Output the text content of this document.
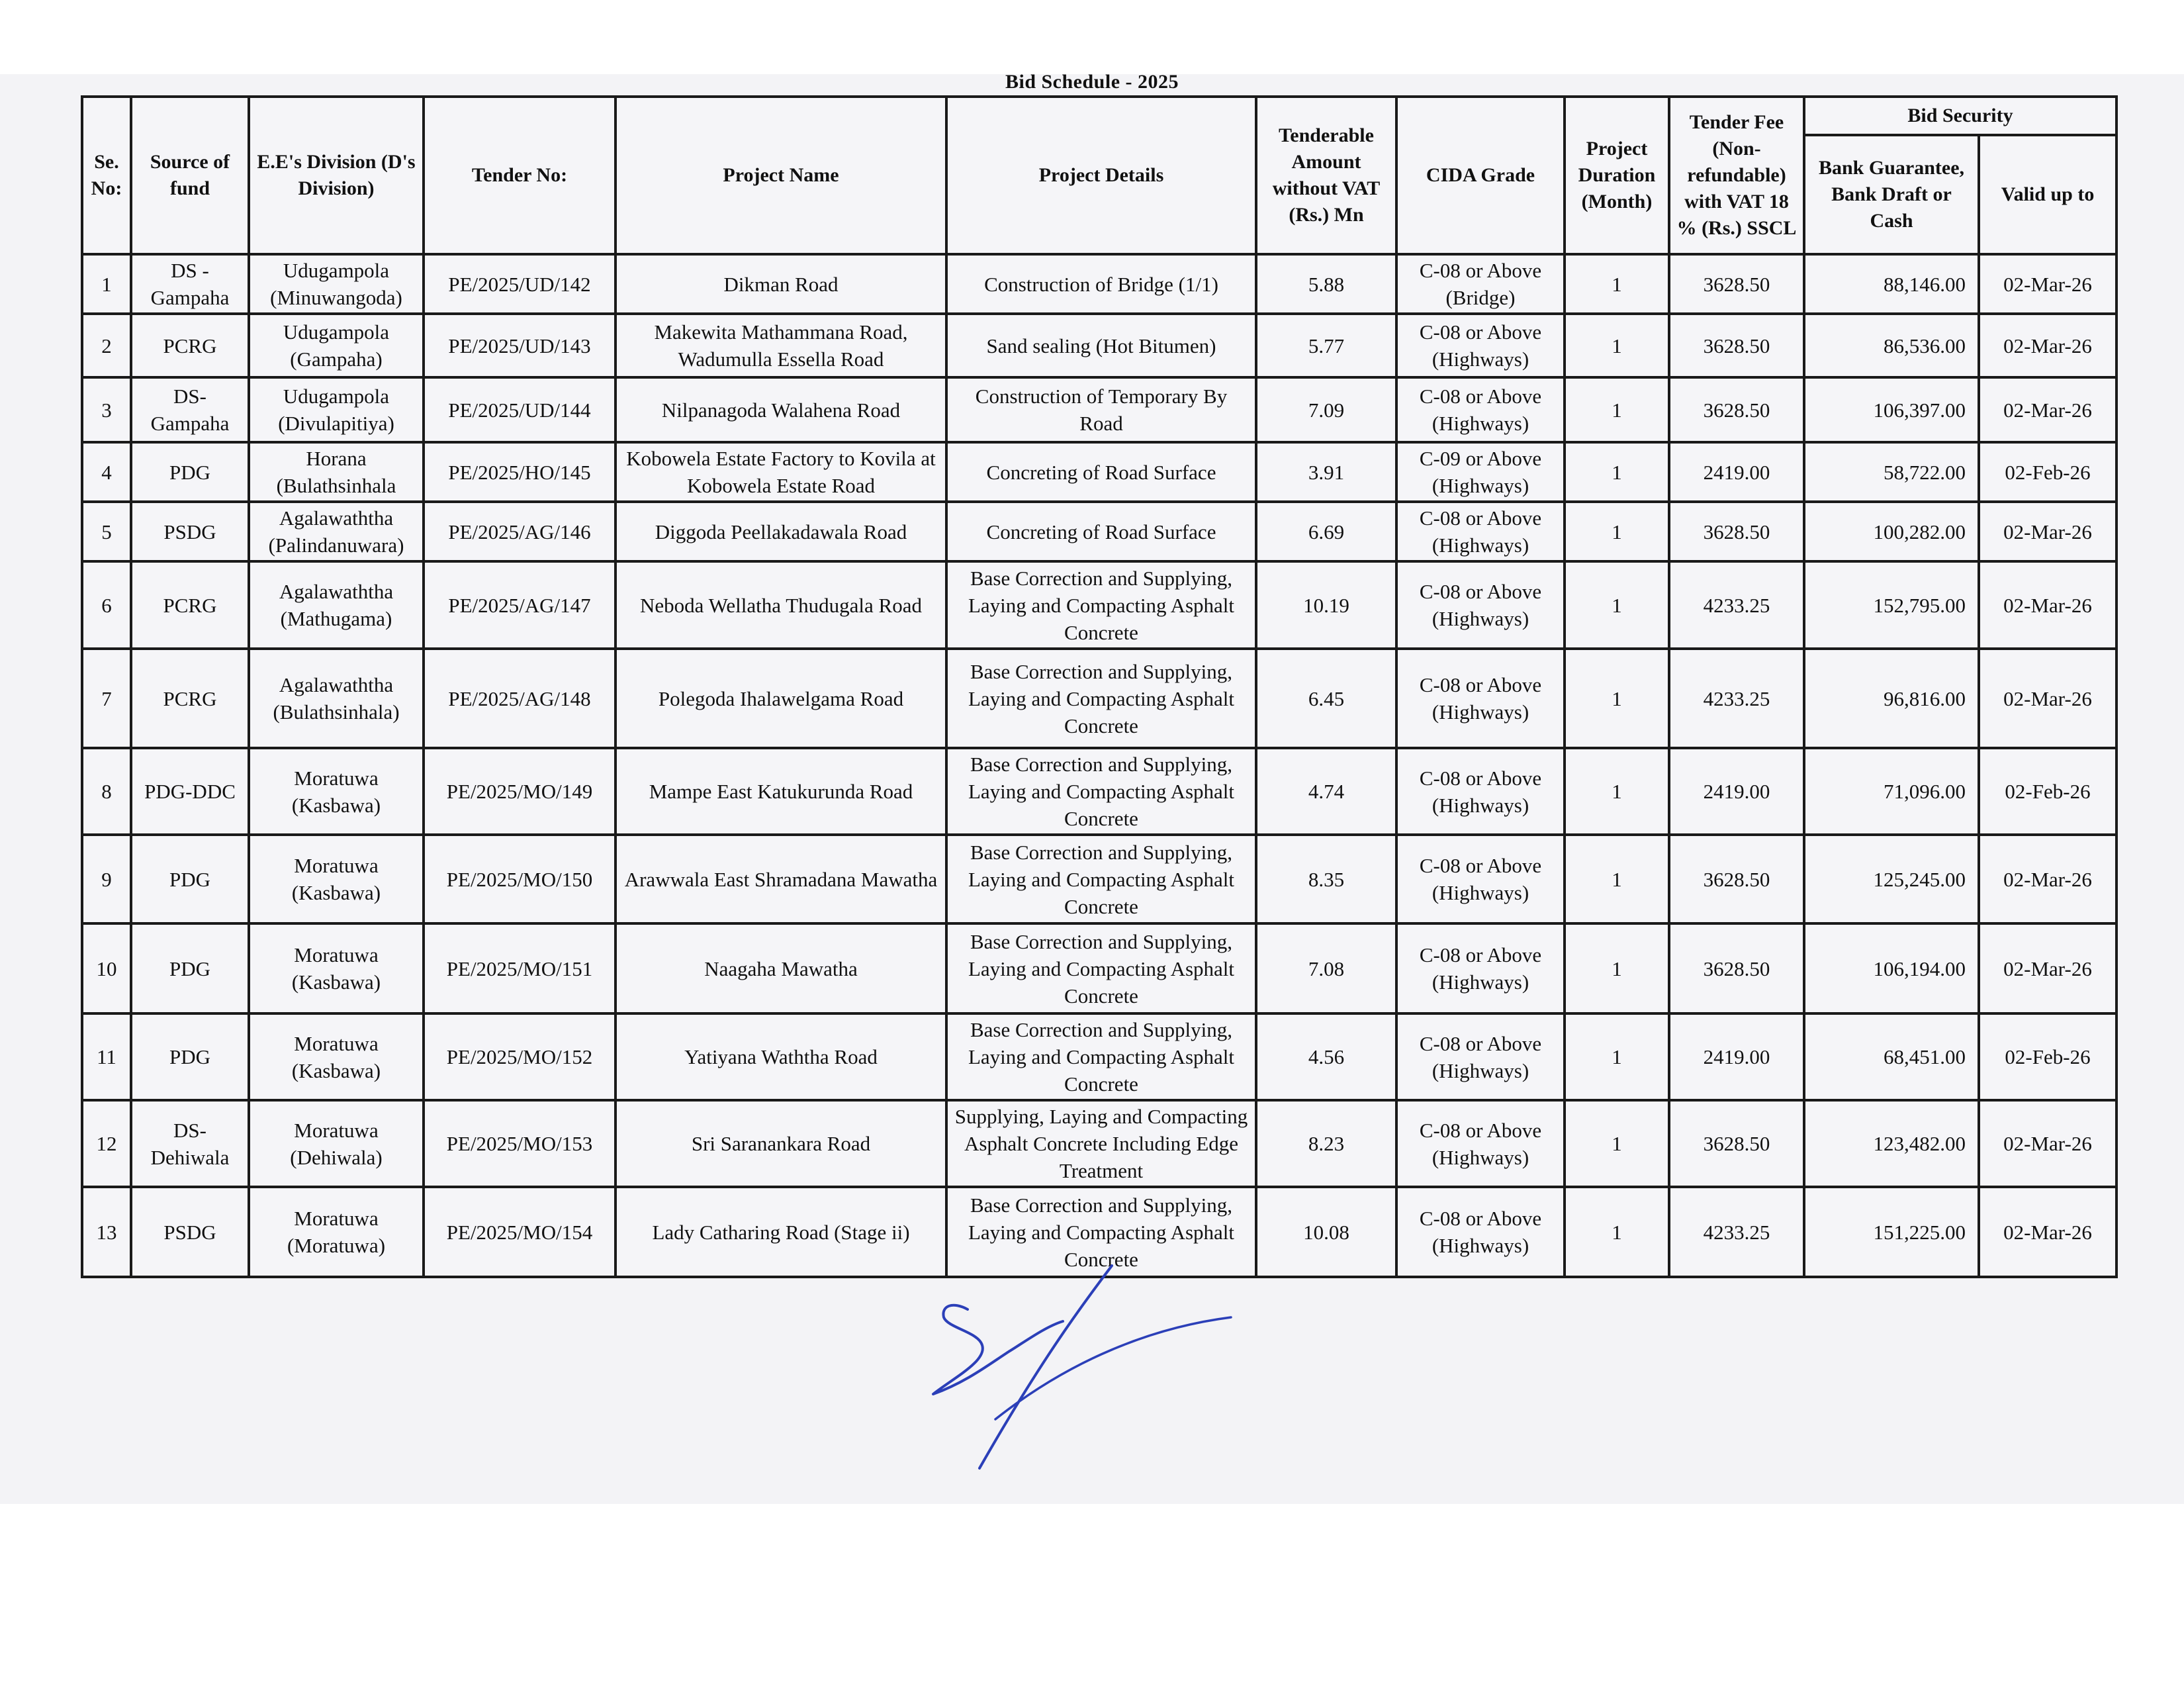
Bid Schedule - 2025
Se. No:	Source of fund	E.E's Division (D's Division)	Tender No:	Project Name	Project Details	Tenderable Amount without VAT (Rs.) Mn	CIDA Grade	Project Duration (Month)	Tender Fee (Non-refundable) with VAT 18 % (Rs.) SSCL	Bid Security	
										Bank Guarantee, Bank Draft or Cash	Valid up to
1	DS - Gampaha	Udugampola (Minuwangoda)	PE/2025/UD/142	Dikman Road	Construction of Bridge (1/1)	5.88	C-08 or Above (Bridge)	1	3628.50	88,146.00	02-Mar-26
2	PCRG	Udugampola (Gampaha)	PE/2025/UD/143	Makewita Mathammana Road, Wadumulla Essella Road	Sand sealing (Hot Bitumen)	5.77	C-08 or Above (Highways)	1	3628.50	86,536.00	02-Mar-26
3	DS- Gampaha	Udugampola (Divulapitiya)	PE/2025/UD/144	Nilpanagoda Walahena Road	Construction of Temporary By Road	7.09	C-08 or Above (Highways)	1	3628.50	106,397.00	02-Mar-26
4	PDG	Horana (Bulathsinhala	PE/2025/HO/145	Kobowela Estate Factory to Kovila at Kobowela Estate Road	Concreting of Road Surface	3.91	C-09 or Above (Highways)	1	2419.00	58,722.00	02-Feb-26
5	PSDG	Agalawaththa (Palindanuwara)	PE/2025/AG/146	Diggoda Peellakadawala Road	Concreting of Road Surface	6.69	C-08 or Above (Highways)	1	3628.50	100,282.00	02-Mar-26
6	PCRG	Agalawaththa (Mathugama)	PE/2025/AG/147	Neboda Wellatha Thudugala Road	Base Correction and Supplying, Laying and Compacting Asphalt Concrete	10.19	C-08 or Above (Highways)	1	4233.25	152,795.00	02-Mar-26
7	PCRG	Agalawaththa (Bulathsinhala)	PE/2025/AG/148	Polegoda Ihalawelgama Road	Base Correction and Supplying, Laying and Compacting Asphalt Concrete	6.45	C-08 or Above (Highways)	1	4233.25	96,816.00	02-Mar-26
8	PDG-DDC	Moratuwa (Kasbawa)	PE/2025/MO/149	Mampe East Katukurunda Road	Base Correction and Supplying, Laying and Compacting Asphalt Concrete	4.74	C-08 or Above (Highways)	1	2419.00	71,096.00	02-Feb-26
9	PDG	Moratuwa (Kasbawa)	PE/2025/MO/150	Arawwala East Shramadana Mawatha	Base Correction and Supplying, Laying and Compacting Asphalt Concrete	8.35	C-08 or Above (Highways)	1	3628.50	125,245.00	02-Mar-26
10	PDG	Moratuwa (Kasbawa)	PE/2025/MO/151	Naagaha Mawatha	Base Correction and Supplying, Laying and Compacting Asphalt Concrete	7.08	C-08 or Above (Highways)	1	3628.50	106,194.00	02-Mar-26
11	PDG	Moratuwa (Kasbawa)	PE/2025/MO/152	Yatiyana Waththa Road	Base Correction and Supplying, Laying and Compacting Asphalt Concrete	4.56	C-08 or Above (Highways)	1	2419.00	68,451.00	02-Feb-26
12	DS- Dehiwala	Moratuwa (Dehiwala)	PE/2025/MO/153	Sri Saranankara Road	Supplying, Laying and Compacting Asphalt Concrete Including Edge Treatment	8.23	C-08 or Above (Highways)	1	3628.50	123,482.00	02-Mar-26
13	PSDG	Moratuwa (Moratuwa)	PE/2025/MO/154	Lady Catharing Road (Stage ii)	Base Correction and Supplying, Laying and Compacting Asphalt Concrete	10.08	C-08 or Above (Highways)	1	4233.25	151,225.00	02-Mar-26
